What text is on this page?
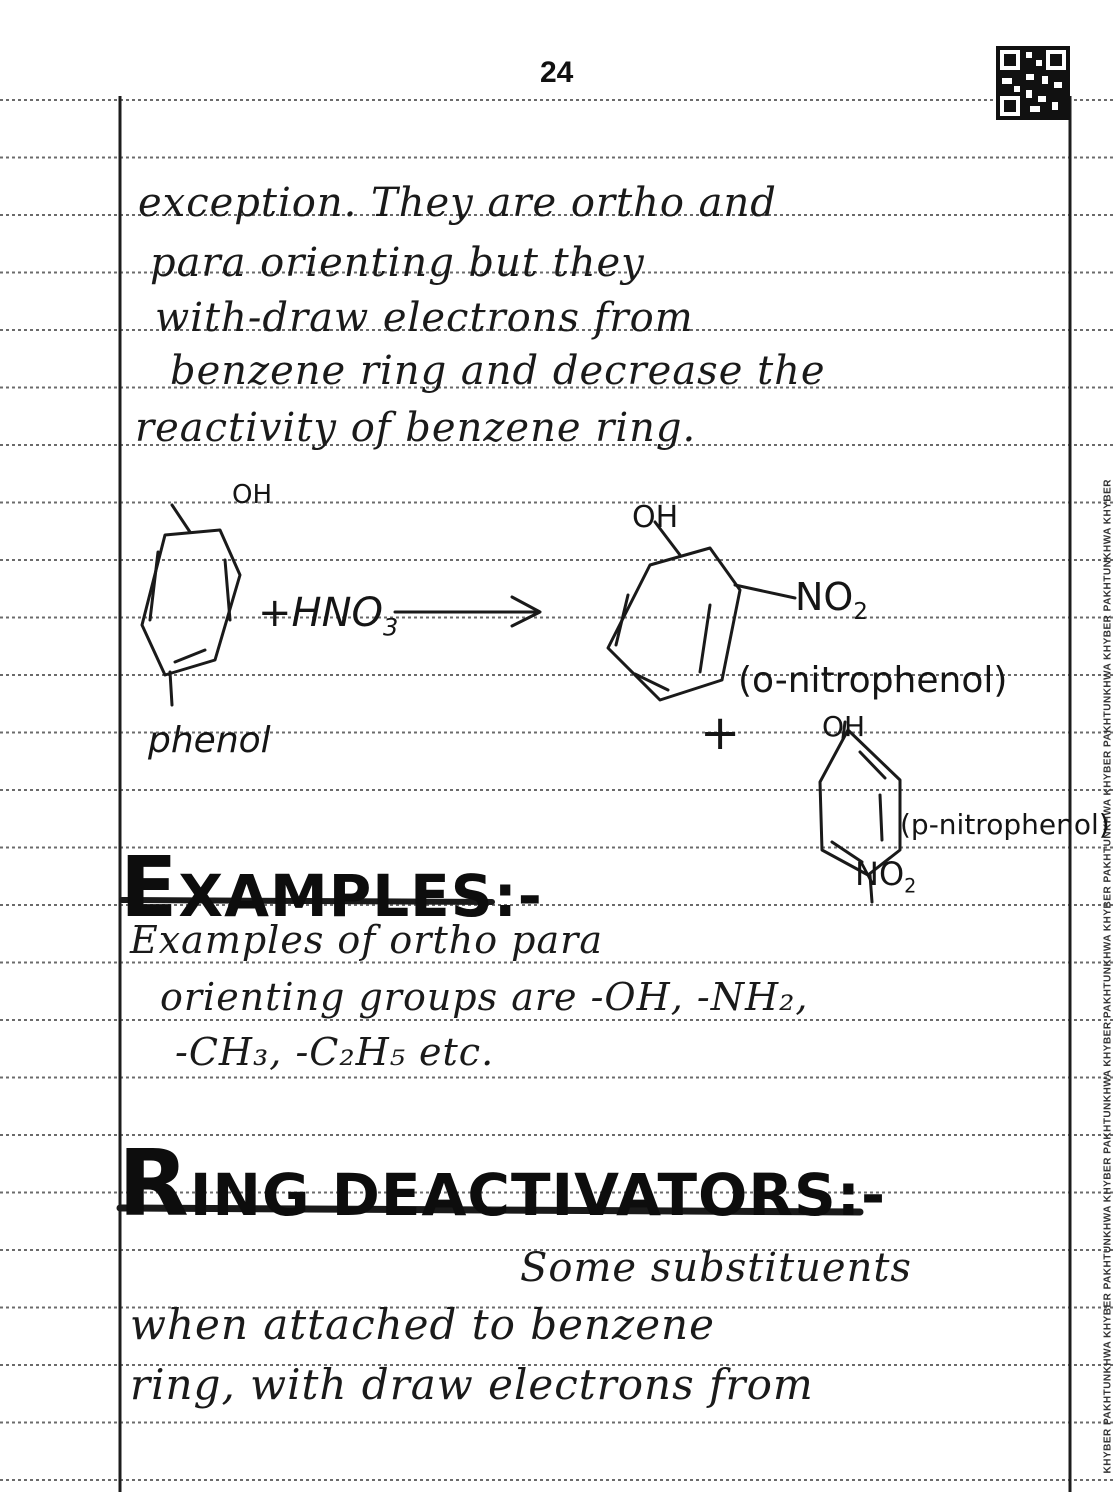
24
KHYBER PAKHTUNKHWA KHYBER PAKHTUNKHWA KHYBER PAKHTUNKHWA KHYBER PAKHTUNKHWA KHYBER PAKHTUNKHWA KHYBER PAKHTUNKHWA KHYBER PAKHTUNKHWA KHYBER
exception. They are ortho and
para orienting but they
with-draw electrons from
benzene ring and decrease the
reactivity of benzene ring.
OH
$+HNO_3$
phenol
OH
$NO_2$
(o-nitrophenol)
+	OH
(p-nitrophenol)
$NO_2$
EXAMPLES:-
Examples of ortho para
orienting groups are -OH, -NH₂,
-CH₃, -C₂H₅ etc.
RING DEACTIVATORS:-
Some substituents
when attached to benzene
ring, with draw electrons from
